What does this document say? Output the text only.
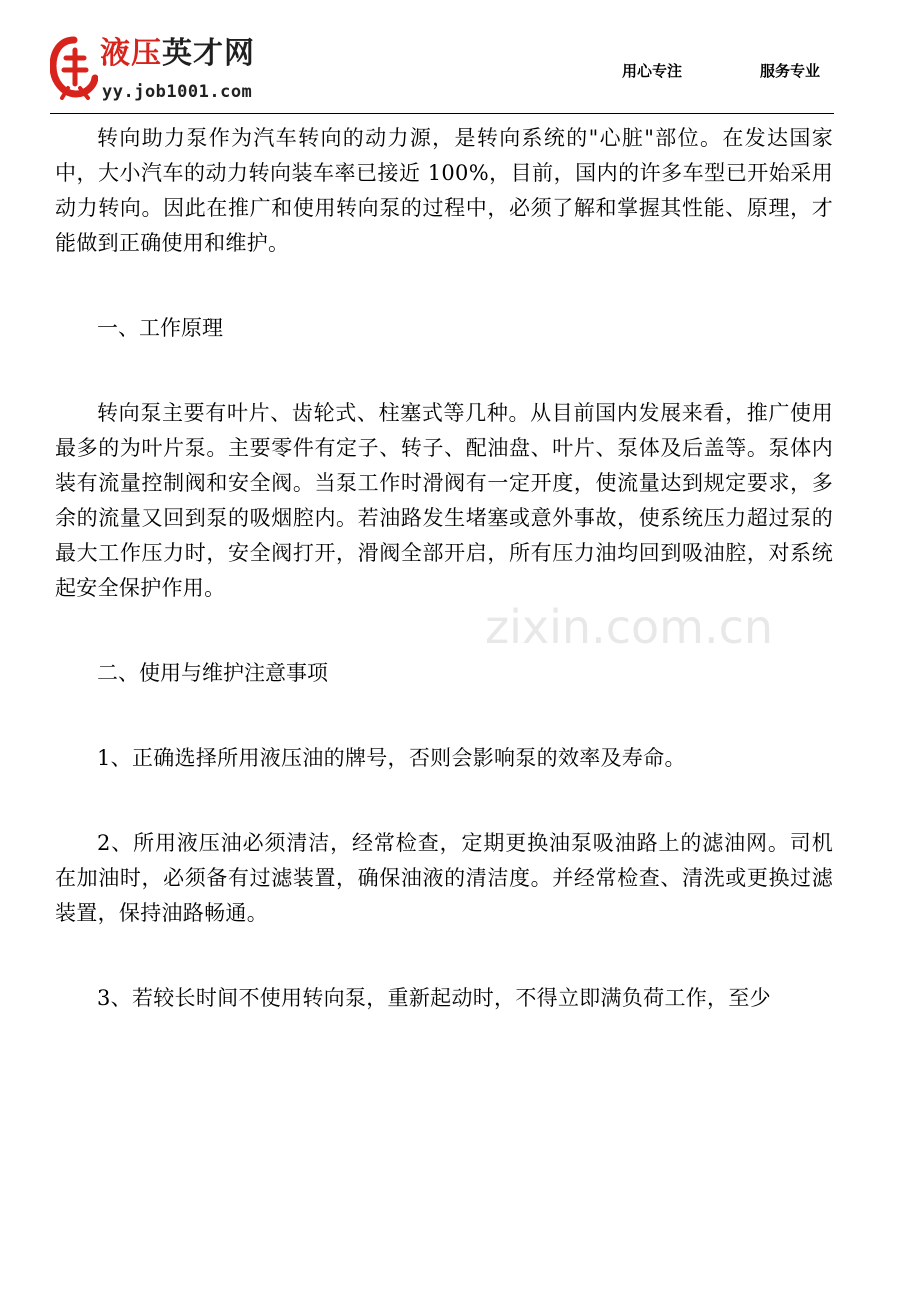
液压英才网
yy.job1001.com
用心专注	服务专业

转向助力泵作为汽车转向的动力源，是转向系统的"心脏"部位。在发达国家中，大小汽车的动力转向装车率已接近 100%，目前，国内的许多车型已开始采用动力转向。因此在推广和使用转向泵的过程中，必须了解和掌握其性能、原理，才能做到正确使用和维护。

一、工作原理

转向泵主要有叶片、齿轮式、柱塞式等几种。从目前国内发展来看，推广使用最多的为叶片泵。主要零件有定子、转子、配油盘、叶片、泵体及后盖等。泵体内装有流量控制阀和安全阀。当泵工作时滑阀有一定开度，使流量达到规定要求，多余的流量又回到泵的吸烟腔内。若油路发生堵塞或意外事故，使系统压力超过泵的最大工作压力时，安全阀打开，滑阀全部开启，所有压力油均回到吸油腔，对系统起安全保护作用。

二、使用与维护注意事项

1、正确选择所用液压油的牌号，否则会影响泵的效率及寿命。

2、所用液压油必须清洁，经常检查，定期更换油泵吸油路上的滤油网。司机在加油时，必须备有过滤装置，确保油液的清洁度。并经常检查、清洗或更换过滤装置，保持油路畅通。

3、若较长时间不使用转向泵，重新起动时，不得立即满负荷工作，至少

zixin.com.cn
